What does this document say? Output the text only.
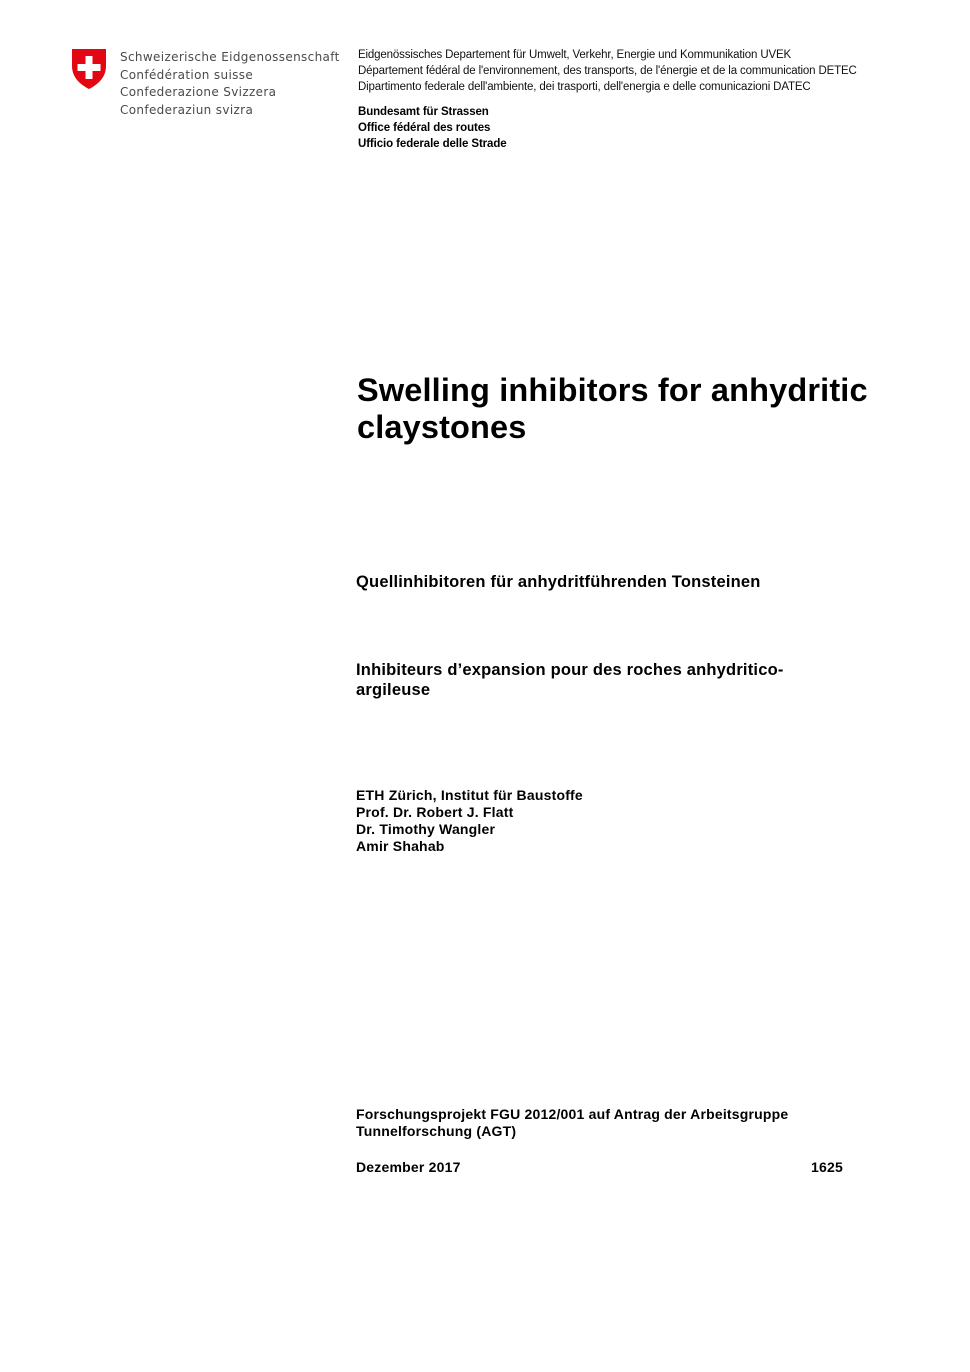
Schweizerische Eidgenossenschaft
Confédération suisse
Confederazione Svizzera
Confederaziun svizra
Eidgenössisches Departement für Umwelt, Verkehr, Energie und Kommunikation UVEK
Département fédéral de l'environnement, des transports, de l'énergie et de la communication DETEC
Dipartimento federale dell'ambiente, dei trasporti, dell'energia e delle comunicazioni DATEC
Bundesamt für Strassen
Office fédéral des routes
Ufficio federale delle Strade
Swelling inhibitors for anhydritic claystones
Quellinhibitoren für anhydritführenden Tonsteinen
Inhibiteurs d’expansion pour des roches anhydritico-argileuse
ETH Zürich, Institut für Baustoffe
Prof. Dr. Robert J. Flatt
Dr. Timothy Wangler
Amir Shahab
Forschungsprojekt FGU 2012/001 auf Antrag der Arbeitsgruppe Tunnelforschung (AGT)
Dezember 2017	1625
